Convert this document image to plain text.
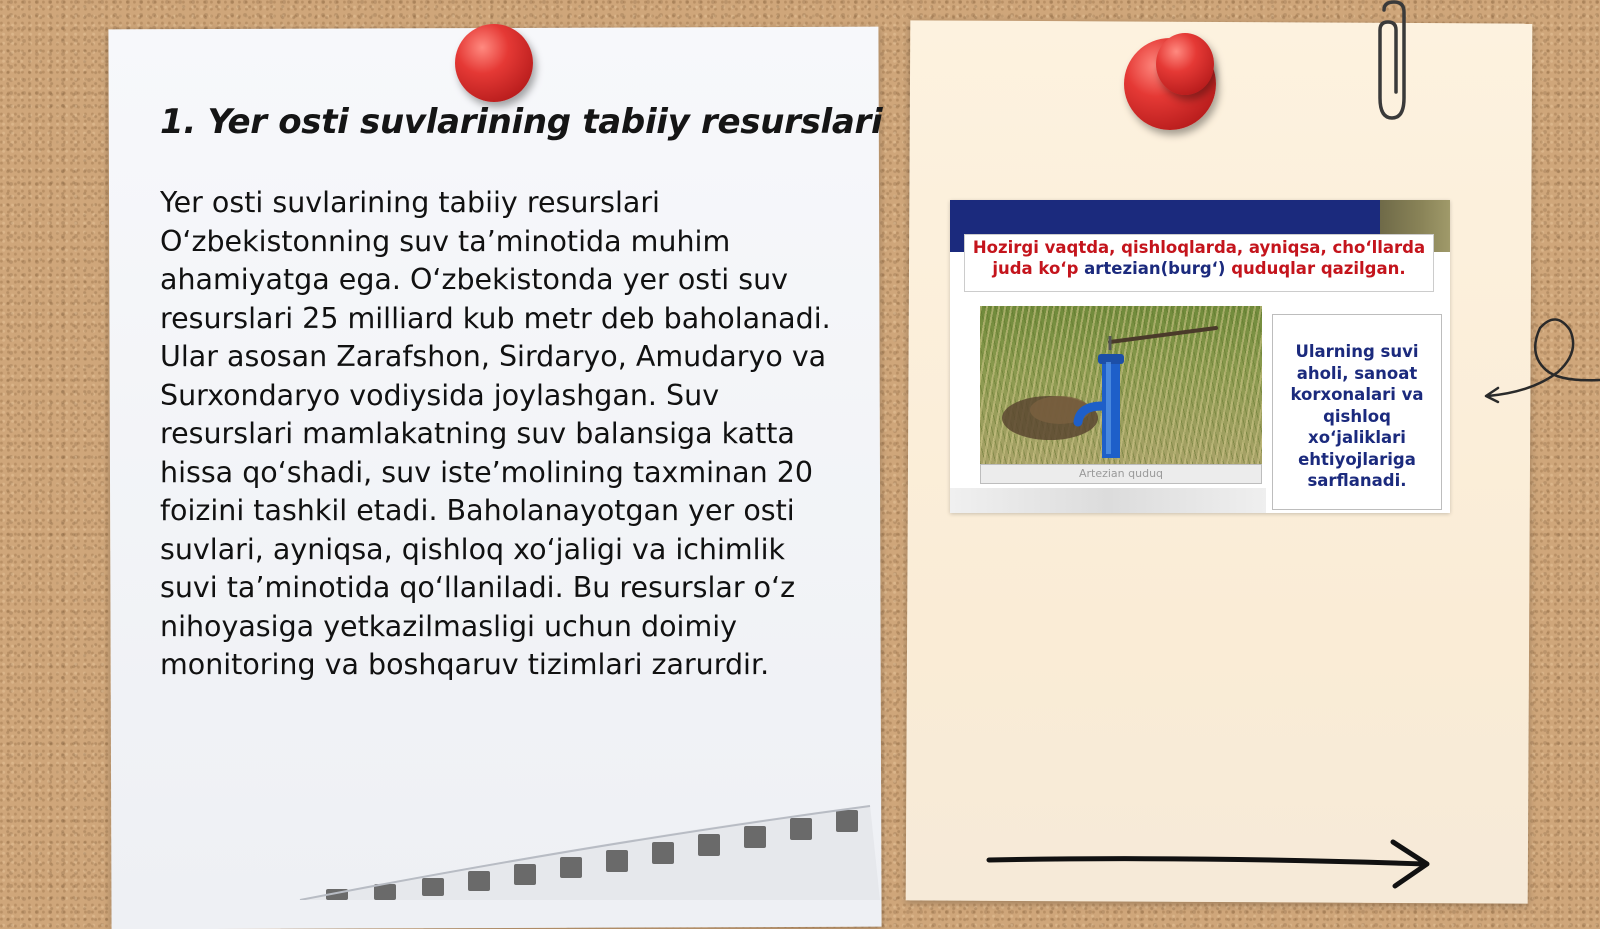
1. Yer osti suvlarining tabiiy resurslari

Yer osti suvlarining tabiiy resurslari O‘zbekistonning suv ta’minotida muhim ahamiyatga ega. O‘zbekistonda yer osti suv resurslari 25 milliard kub metr deb baholanadi. Ular asosan Zarafshon, Sirdaryo, Amudaryo va Surxondaryo vodiysida joylashgan. Suv resurslari mamlakatning suv balansiga katta hissa qo‘shadi, suv iste’molining taxminan 20 foizini tashkil etadi. Baholanayotgan yer osti suvlari, ayniqsa, qishloq xo‘jaligi va ichimlik suvi ta’minotida qo‘llaniladi. Bu resurslar o‘z nihoyasiga yetkazilmasligi uchun doimiy monitoring va boshqaruv tizimlari zarurdir.

Hozirgi vaqtda, qishloqlarda, ayniqsa, cho‘llarda juda ko‘p artezian(burg‘) quduqlar qazilgan.
Artezian quduq
Ularning suvi aholi, sanoat korxonalari va qishloq xo‘jaliklari ehtiyojlariga sarflanadi.
